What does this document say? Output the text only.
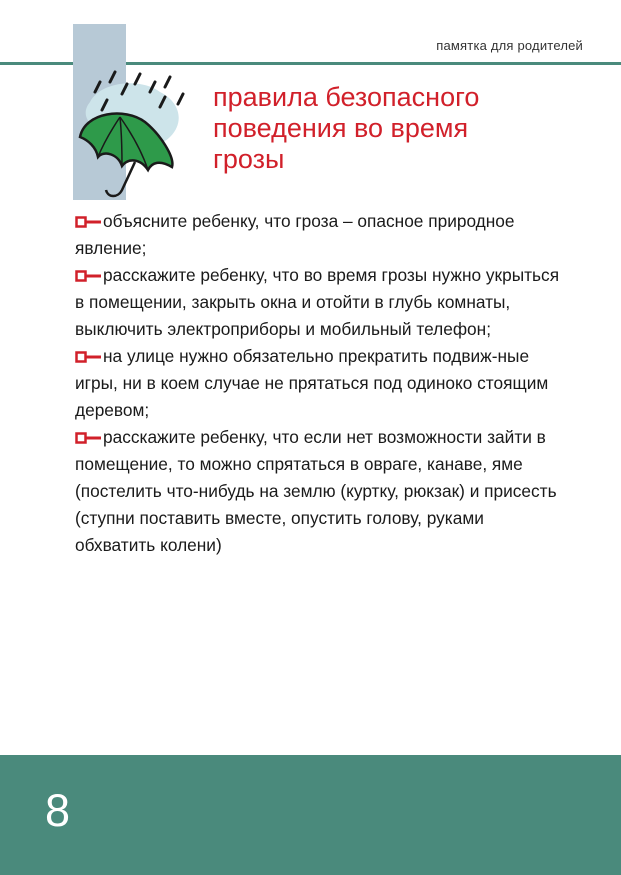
памятка для родителей
правила безопасного
поведения во время
грозы

объясните ребенку, что гроза – опасное природное явление;

расскажите ребенку, что во время грозы нужно укрыться в помещении, закрыть окна и отойти в глубь комнаты, выключить электроприборы и мобильный телефон;

на улице нужно обязательно прекратить подвиж-ные игры, ни в коем случае не прятаться под одиноко стоящим деревом;

расскажите ребенку, что если нет возможности зайти в помещение, то можно спрятаться в овраге, канаве, яме (постелить что-нибудь на землю (куртку, рюкзак) и присесть (ступни поставить вместе, опустить голову, руками обхватить колени)

8
